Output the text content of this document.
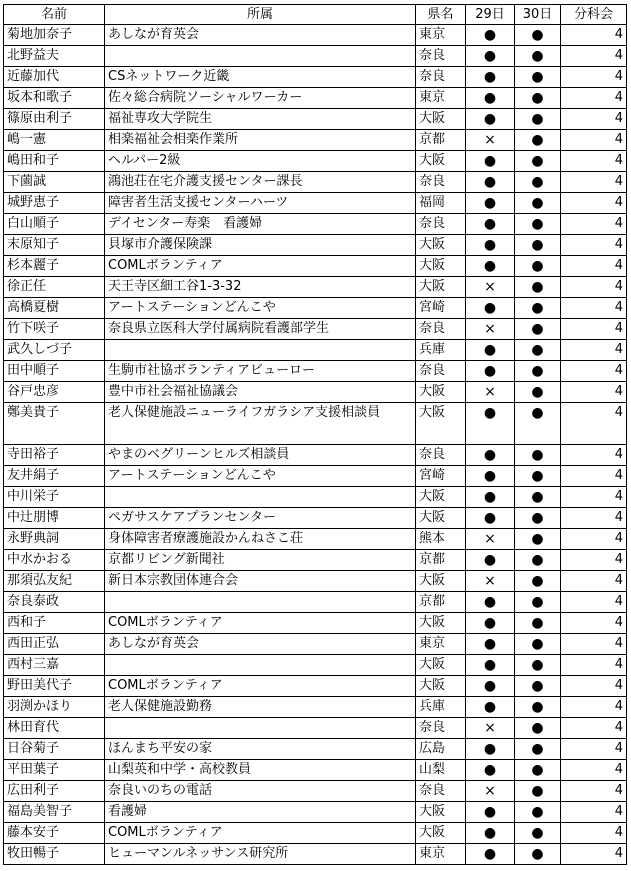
名前	所属	県名	29日	30日	分科会
菊地加奈子	あしなが育英会	東京	●	●	4
北野益夫		奈良	●	●	4
近藤加代	CSネットワーク近畿	奈良	●	●	4
坂本和歌子	佐々総合病院ソーシャルワーカー	東京	●	●	4
篠原由利子	福祉専攻大学院生	大阪	●	●	4
嶋一憲	相楽福祉会相楽作業所	京都	×	●	4
嶋田和子	ヘルパー2級	大阪	●	●	4
下薗誠	鴻池荘在宅介護支援センター課長	奈良	●	●	4
城野恵子	障害者生活支援センターハーツ	福岡	●	●	4
白山順子	デイセンター寿楽　看護婦	奈良	●	●	4
末原知子	貝塚市介護保険課	大阪	●	●	4
杉本麗子	COMLボランティア	大阪	●	●	4
徐正任	天王寺区細工谷1-3-32	大阪	×	●	4
高橋夏樹	アートステーションどんこや	宮崎	●	●	4
竹下咲子	奈良県立医科大学付属病院看護部学生	奈良	×	●	4
武久しづ子		兵庫	●	●	4
田中順子	生駒市社協ボランティアビューロー	奈良	●	●	4
谷戸忠彦	豊中市社会福祉協議会	大阪	×	●	4
鄭美貴子	老人保健施設ニューライフガラシア支援相談員	大阪	●	●	4
寺田裕子	やまのベグリーンヒルズ相談員	奈良	●	●	4
友井絹子	アートステーションどんこや	宮崎	●	●	4
中川栄子		大阪	●	●	4
中辻朋博	ペガサスケアプランセンター	大阪	●	●	4
永野典詞	身体障害者療護施設かんねさこ荘	熊本	×	●	4
中水かおる	京都リビング新聞社	京都	●	●	4
那須弘友紀	新日本宗教団体連合会	大阪	×	●	4
奈良泰政		京都	●	●	4
西和子	COMLボランティア	大阪	●	●	4
西田正弘	あしなが育英会	東京	●	●	4
西村三嘉		大阪	●	●	4
野田美代子	COMLボランティア	大阪	●	●	4
羽渕かほり	老人保健施設勤務	兵庫	●	●	4
林田育代		奈良	×	●	4
日谷菊子	ほんまち平安の家	広島	●	●	4
平田葉子	山梨英和中学・高校教員	山梨	●	●	4
広田利子	奈良いのちの電話	奈良	×	●	4
福島美智子	看護婦	大阪	●	●	4
藤本安子	COMLボランティア	大阪	●	●	4
牧田暢子	ヒューマンルネッサンス研究所	東京	●	●	4
